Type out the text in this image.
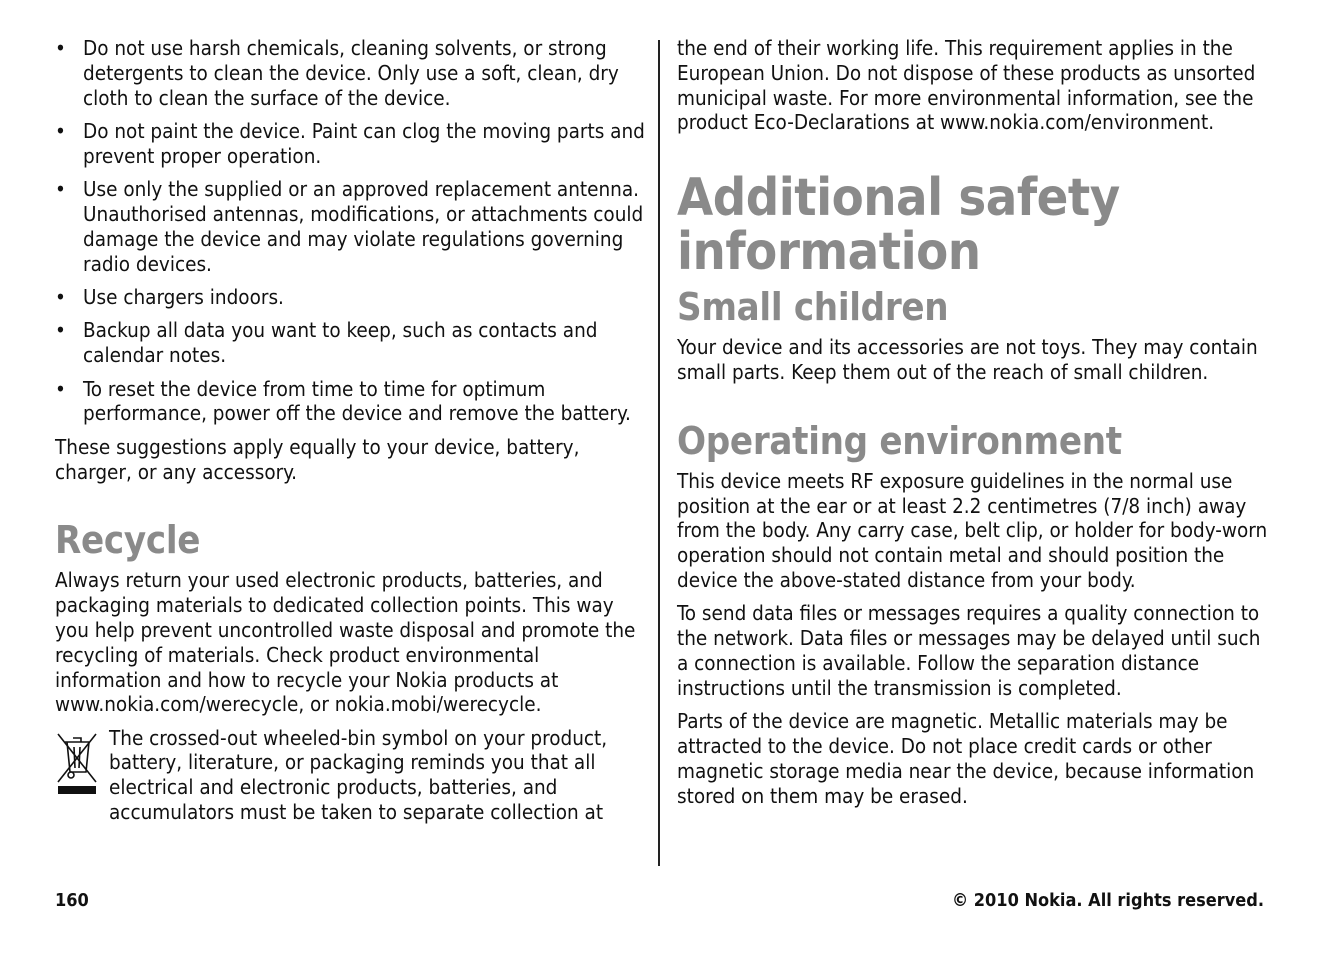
• Do not use harsh chemicals, cleaning solvents, or strong detergents to clean the device. Only use a soft, clean, dry cloth to clean the surface of the device.
• Do not paint the device. Paint can clog the moving parts and prevent proper operation.
• Use only the supplied or an approved replacement antenna. Unauthorised antennas, modifications, or attachments could damage the device and may violate regulations governing radio devices.
• Use chargers indoors.
• Backup all data you want to keep, such as contacts and calendar notes.
• To reset the device from time to time for optimum performance, power off the device and remove the battery.

These suggestions apply equally to your device, battery, charger, or any accessory.

Recycle

Always return your used electronic products, batteries, and packaging materials to dedicated collection points. This way you help prevent uncontrolled waste disposal and promote the recycling of materials. Check product environmental information and how to recycle your Nokia products at www.nokia.com/werecycle, or nokia.mobi/werecycle.

The crossed-out wheeled-bin symbol on your product, battery, literature, or packaging reminds you that all electrical and electronic products, batteries, and accumulators must be taken to separate collection at

the end of their working life. This requirement applies in the European Union. Do not dispose of these products as unsorted municipal waste. For more environmental information, see the product Eco-Declarations at www.nokia.com/environment.

Additional safety information
Small children

Your device and its accessories are not toys. They may contain small parts. Keep them out of the reach of small children.

Operating environment

This device meets RF exposure guidelines in the normal use position at the ear or at least 2.2 centimetres (7/8 inch) away from the body. Any carry case, belt clip, or holder for body-worn operation should not contain metal and should position the device the above-stated distance from your body.

To send data files or messages requires a quality connection to the network. Data files or messages may be delayed until such a connection is available. Follow the separation distance instructions until the transmission is completed.

Parts of the device are magnetic. Metallic materials may be attracted to the device. Do not place credit cards or other magnetic storage media near the device, because information stored on them may be erased.

160	© 2010 Nokia. All rights reserved.
